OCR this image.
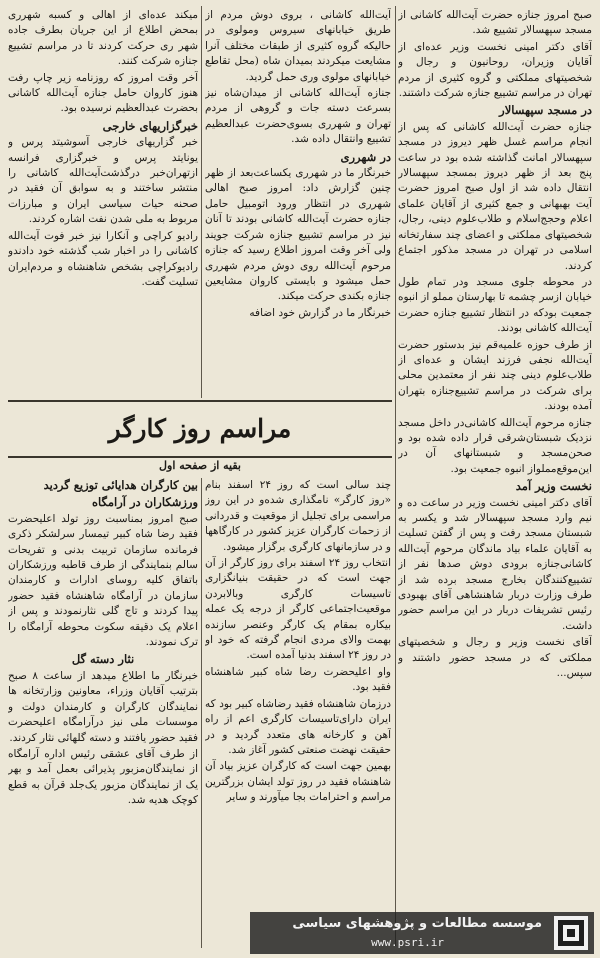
صبح امروز جنازه حضرت آیت‌الله کاشانی از مسجد سپهسالار تشییع شد.

آقای دکتر امینی نخست وزیر عده‌ای از آقایان وزیران، روحانیون و رجال و شخصیتهای مملکتی و گروه کثیری از مردم تهران در مراسم تشییع جنازه شرکت داشتند.

در مسجد سپهسالار

جنازه حضرت آیت‌الله کاشانی که پس از انجام مراسم غسل ظهر دیروز در مسجد سپهسالار امانت گذاشته شده بود در ساعت پنج بعد از ظهر دیروز بمسجد سپهسالار انتقال داده شد از اول صبح امروز حضرت آیت بهبهانی و جمع کثیری از آقایان علمای اعلام وحجج‌اسلام و طلاب‌علوم دینی، رجال، شخصیتهای مملکتی و اعضای چند سفارتخانه اسلامی در تهران در مسجد مذکور اجتماع کردند.

در محوطه جلوی مسجد ودر تمام طول خیابان ازسر چشمه تا بهارستان مملو از انبوه جمعیت بودکه در انتظار تشییع جنازه حضرت آیت‌الله کاشانی بودند.

از طرف حوزه علمیه‌قم نیز بدستور حضرت آیت‌الله نجفی فرزند ایشان و عده‌ای از طلاب‌علوم دینی چند نفر از معتمدین محلی برای شرکت در مراسم تشییع‌جنازه بتهران آمده بودند.

جنازه مرحوم آیت‌الله کاشانی‌در داخل مسجد نزدیک شبستان‌شرقی قرار داده شده بود و صحن‌مسجد و شبستانهای آن در این‌موقع‌مملواز انبوه جمعیت بود.

نخست وزیر آمد

آقای دکتر امینی نخست وزیر در ساعت ده و نیم وارد مسجد سپهسالار شد و یکسر به شبستان مسجد رفت و پس از گفتن تسلیت به آقایان علماء بیاد ماندگان مرحوم آیت‌الله کاشانی‌جنازه برودی دوش صدها نفر از تشییع‌کنندگان بخارج مسجد برده شد از طرف وزارت دربار شاهنشاهی آقای بهبودی رئیس تشریفات دربار در این مراسم حضور داشت.

آقای نخست وزیر و رجال و شخصیتهای مملکتی که در مسجد حضور داشتند و سپس...

آیت‌الله کاشانی ، بروی دوش مردم از طریق خیابانهای سیروس ومولوی در حالیکه گروه کثیری از طبقات مختلف آنرا مشایعت میکردند بمیدان شاه (محل تقاطع خیابانهای مولوی وری حمل گردید.

جنازه آیت‌الله کاشانی از میدان‌شاه نیز بسرعت دسته جات و گروهی از مردم تهران و شهرری بسوی‌حضرت عبدالعظیم تشییع وانتقال داده شد.

در شهرری

خبرنگار ما در شهرری یکساعت‌بعد از ظهر چنین گزارش داد: امروز صبح اهالی شهرری در انتظار ورود اتومبیل حامل جنازه حضرت آیت‌الله کاشانی بودند تا آنان نیز در مراسم تشییع جنازه شرکت جویند ولی آخر وقت امروز اطلاع رسید که جنازه مرحوم آیت‌الله روی دوش مردم شهرری حمل میشود و بایستی کاروان مشایعین جنازه بکندی حرکت میکند.

خبرنگار ما در گزارش خود اضافه

میکند عده‌ای از اهالی و کسبه شهرری بمحض اطلاع از این جریان بطرف جاده شهر ری حرکت کردند تا در مراسم تشییع جنازه شرکت کنند.

آخر وقت امروز که روزنامه زیر چاپ رفت هنوز کاروان حامل جنازه آیت‌الله کاشانی بحضرت عبدالعظیم نرسیده بود.

خبرگزاریهای خارجی

خبر گزاریهای خارجی آسوشیتد پرس و یونایتد پرس و خبرگزاری فرانسه ازتهران‌خبر درگذشت‌آیت‌الله کاشانی را منتشر ساختند و به سوابق آن فقید در صحنه حیات سیاسی ایران و مبارزات مربوط به ملی شدن نفت اشاره کردند.

رادیو کراچی و آنکارا نیز خبر فوت آیت‌الله کاشانی را در اخبار شب گذشته خود دادندو رادیوکراچی بشخص شاهنشاه و مردم‌ایران تسلیت گفت.

مراسم روز کارگر
بقیه از صفحه اول

چند سالی است که روز ۲۴ اسفند بنام «روز کارگر» نامگذاری شده‌و در این روز مراسمی برای تجلیل از موقعیت و قدردانی از زحمات کارگران عزیز کشور در کارگاهها و در سازمانهای کارگری برگزار میشود.

انتخاب روز ۲۴ اسفند برای روز کارگر از آن جهت است که در حقیقت بنیانگزاری تاسیسات کارگری وبالابردن موقعیت‌اجتماعی کارگر از درجه یک عمله بیکاره بمقام یک کارگر وعنصر سازنده بهمت والای مردی انجام گرفته که خود او در روز ۲۴ اسفند بدنیا آمده است.

واو اعلیحضرت رضا شاه کبیر شاهنشاه فقید بود.

درزمان شاهنشاه فقید رضاشاه کبیر بود که ایران دارای‌تاسیسات کارگری اعم از راه آهن و کارخانه های متعدد گردید و در حقیقت نهضت صنعتی کشور آغاز شد.

بهمین جهت است که کارگران عزیز بیاد آن شاهنشاه فقید در روز تولد ایشان بزرگترین مراسم و احترامات بجا میآورند و سایر

بین کارگران هدایائی توزیع گردید

ورزشکاران در آرامگاه

صبح امروز بمناسبت روز تولد اعلیحضرت فقید رضا شاه کبیر تیمسار سرلشکر ذکری فرمانده سازمان تربیت بدنی و تفریحات سالم بنمایندگی از طرف قاطبه ورزشکاران باتفاق کلیه روسای ادارات و کارمندان سازمان در آرامگاه شاهنشاه فقید حضور پیدا کردند و تاج گلی نثارنمودند و پس از اعلام یک دقیقه سکوت محوطه آرامگاه را ترک نمودند.

نثار دسته گل

خبرنگار ما اطلاع میدهد از ساعت ۸ صبح بترتیب آقایان وزراء، معاونین وزارتخانه ها نمایندگان کارگران و کارمندان دولت و موسسات ملی نیز درآرامگاه اعلیحضرت فقید حضور یافتند و دسته گلهائی نثار کردند.

از طرف آقای عشقی رئیس اداره آرامگاه از نمایندگان‌مزبور پذیرائی بعمل آمد و بهر یک از نمایندگان مزبور یک‌جلد قرآن به قطع کوچک هدیه شد.

موسسه مطالعات و پژوهشهای سیاسی
www.psri.ir
